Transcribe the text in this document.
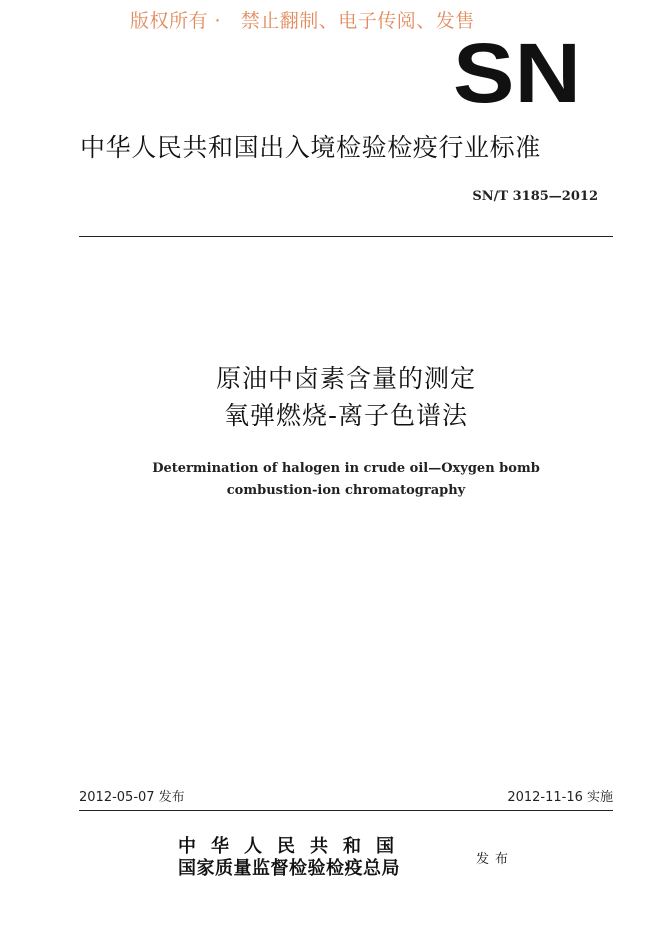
版权所有 ·   禁止翻制、电子传阅、发售
SN
中华人民共和国出入境检验检疫行业标准
SN/T 3185—2012
原油中卤素含量的测定
氧弹燃烧-离子色谱法
Determination of halogen in crude oil—Oxygen bomb
combustion-ion chromatography
2012-05-07 发布	2012-11-16 实施
中华人民共和国
国家质量监督检验检疫总局	发布
